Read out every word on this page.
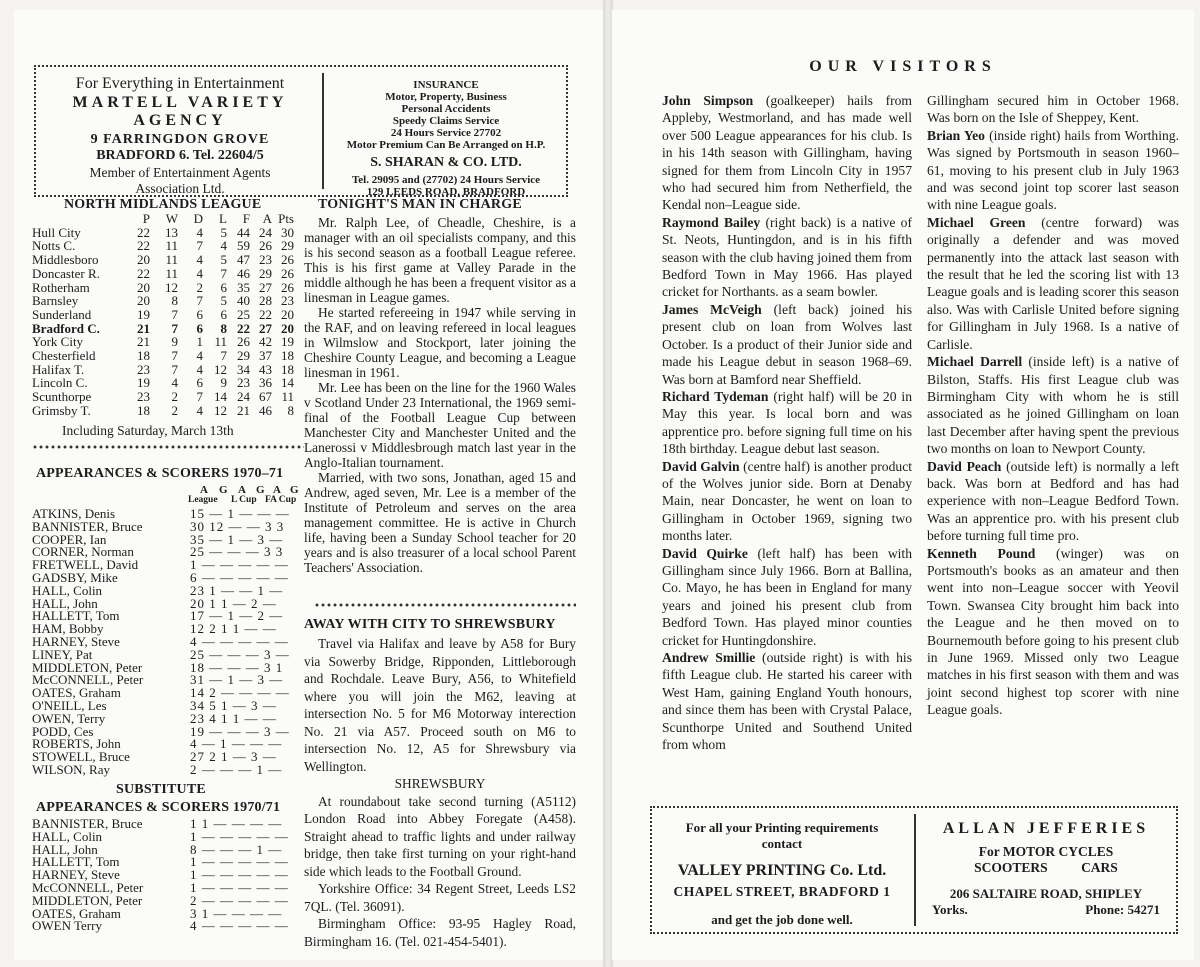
For Everything in Entertainment
MARTELL VARIETY
AGENCY
9 FARRINGDON GROVE
BRADFORD 6. Tel. 22604/5
Member of Entertainment Agents
Association Ltd.
INSURANCE
Motor, Property, Business
Personal Accidents
Speedy Claims Service
24 Hours Service 27702
Motor Premium Can Be Arranged on H.P.
S. SHARAN & CO. LTD.
Tel. 29095 and (27702) 24 Hours Service
129 LEEDS ROAD, BRADFORD
NORTH MIDLANDS LEAGUE
	P	W	D	L	F	A	Pts
Hull City	22	13	4	5	44	24	30
Notts C.	22	11	7	4	59	26	29
Middlesboro	20	11	4	5	47	23	26
Doncaster R.	22	11	4	7	46	29	26
Rotherham	20	12	2	6	35	27	26
Barnsley	20	8	7	5	40	28	23
Sunderland	19	7	6	6	25	22	20
Bradford C.	21	7	6	8	22	27	20
York City	21	9	1	11	26	42	19
Chesterfield	18	7	4	7	29	37	18
Halifax T.	23	7	4	12	34	43	18
Lincoln C.	19	4	6	9	23	36	14
Scunthorpe	23	2	7	14	24	67	11
Grimsby T.	18	2	4	12	21	46	8
Including Saturday, March 13th
APPEARANCES & SCORERS 1970–71
A G A G A G
League L Cup FA Cup
ATKINS, Denis	15 — 1 — — —
BANNISTER, Bruce	30 12 — — 3 3
COOPER, Ian	35 — 1 — 3 —
CORNER, Norman	25 — — — 3 3
FRETWELL, David	1 — — — — —
GADSBY, Mike	6 — — — — —
HALL, Colin	23 1 — — 1 —
HALL, John	20 1 1 — 2 —
HALLETT, Tom	17 — 1 — 2 —
HAM, Bobby	12 2 1 1 — —
HARNEY, Steve	4 — — — — —
LINEY, Pat	25 — — — 3 —
MIDDLETON, Peter	18 — — — 3 1
McCONNELL, Peter	31 — 1 — 3 —
OATES, Graham	14 2 — — — —
O'NEILL, Les	34 5 1 — 3 —
OWEN, Terry	23 4 1 1 — —
PODD, Ces	19 — — — 3 —
ROBERTS, John	4 — 1 — — —
STOWELL, Bruce	27 2 1 — 3 —
WILSON, Ray	2 — — — 1 —
SUBSTITUTE
APPEARANCES & SCORERS 1970/71
BANNISTER, Bruce	1 1 — — — —
HALL, Colin	1 — — — — —
HALL, John	8 — — — 1 —
HALLETT, Tom	1 — — — — —
HARNEY, Steve	1 — — — — —
McCONNELL, Peter	1 — — — — —
MIDDLETON, Peter	2 — — — — —
OATES, Graham	3 1 — — — —
OWEN Terry	4 — — — — —
TONIGHT'S MAN IN CHARGE

Mr. Ralph Lee, of Cheadle, Cheshire, is a manager with an oil specialists company, and this is his second season as a football League referee. This is his first game at Valley Parade in the middle although he has been a frequent visitor as a linesman in League games.

He started refereeing in 1947 while serving in the RAF, and on leaving refereed in local leagues in Wilmslow and Stockport, later joining the Cheshire County League, and becoming a League linesman in 1961.

Mr. Lee has been on the line for the 1960 Wales v Scotland Under 23 International, the 1969 semi-final of the Football League Cup between Manchester City and Manchester United and the Lanerossi v Middlesbrough match last year in the Anglo-Italian tournament.

Married, with two sons, Jonathan, aged 15 and Andrew, aged seven, Mr. Lee is a member of the Institute of Petroleum and serves on the area management committee. He is active in Church life, having been a Sunday School teacher for 20 years and is also treasurer of a local school Parent Teachers' Association.

AWAY WITH CITY TO SHREWSBURY

Travel via Halifax and leave by A58 for Bury via Sowerby Bridge, Ripponden, Littleborough and Rochdale. Leave Bury, A56, to Whitefield where you will join the M62, leaving at intersection No. 5 for M6 Motorway interection No. 21 via A57. Proceed south on M6 to intersection No. 12, A5 for Shrewsbury via Wellington.

SHREWSBURY

At roundabout take second turning (A5112) London Road into Abbey Foregate (A458). Straight ahead to traffic lights and under railway bridge, then take first turning on your right-hand side which leads to the Football Ground.

Yorkshire Office: 34 Regent Street, Leeds LS2 7QL. (Tel. 36091).

Birmingham Office: 93-95 Hagley Road, Birmingham 16. (Tel. 021-454-5401).

OUR VISITORS

John Simpson (goalkeeper) hails from Appleby, Westmorland, and has made well over 500 League appearances for his club. Is in his 14th season with Gillingham, having signed for them from Lincoln City in 1957 who had secured him from Netherfield, the Kendal non–League side.

Raymond Bailey (right back) is a native of St. Neots, Huntingdon, and is in his fifth season with the club having joined them from Bedford Town in May 1966. Has played cricket for Northants. as a seam bowler.

James McVeigh (left back) joined his present club on loan from Wolves last October. Is a product of their Junior side and made his League debut in season 1968–69. Was born at Bamford near Sheffield.

Richard Tydeman (right half) will be 20 in May this year. Is local born and was apprentice pro. before signing full time on his 18th birthday. League debut last season.

David Galvin (centre half) is another product of the Wolves junior side. Born at Denaby Main, near Doncaster, he went on loan to Gillingham in October 1969, signing two months later.

David Quirke (left half) has been with Gillingham since July 1966. Born at Ballina, Co. Mayo, he has been in England for many years and joined his present club from Bedford Town. Has played minor counties cricket for Huntingdonshire.

Andrew Smillie (outside right) is with his fifth League club. He started his career with West Ham, gaining England Youth honours, and since them has been with Crystal Palace, Scunthorpe United and Southend United from whom

Gillingham secured him in October 1968. Was born on the Isle of Sheppey, Kent.

Brian Yeo (inside right) hails from Worthing. Was signed by Portsmouth in season 1960–61, moving to his present club in July 1963 and was second joint top scorer last season with nine League goals.

Michael Green (centre forward) was originally a defender and was moved permanently into the attack last season with the result that he led the scoring list with 13 League goals and is leading scorer this season also. Was with Carlisle United before signing for Gillingham in July 1968. Is a native of Carlisle.

Michael Darrell (inside left) is a native of Bilston, Staffs. His first League club was Birmingham City with whom he is still associated as he joined Gillingham on loan last December after having spent the previous two months on loan to Newport County.

David Peach (outside left) is normally a left back. Was born at Bedford and has had experience with non–League Bedford Town. Was an apprentice pro. with his present club before turning full time pro.

Kenneth Pound (winger) was on Portsmouth's books as an amateur and then went into non–League soccer with Yeovil Town. Swansea City brought him back into the League and he then moved on to Bournemouth before going to his present club in June 1969. Missed only two League matches in his first season with them and was joint second highest top scorer with nine League goals.

For all your Printing requirements
contact
VALLEY PRINTING Co. Ltd.
CHAPEL STREET, BRADFORD 1
and get the job done well.
ALLAN JEFFERIES
For MOTOR CYCLES
SCOOTERS CARS
206 SALTAIRE ROAD, SHIPLEY
Yorks.	Phone: 54271
